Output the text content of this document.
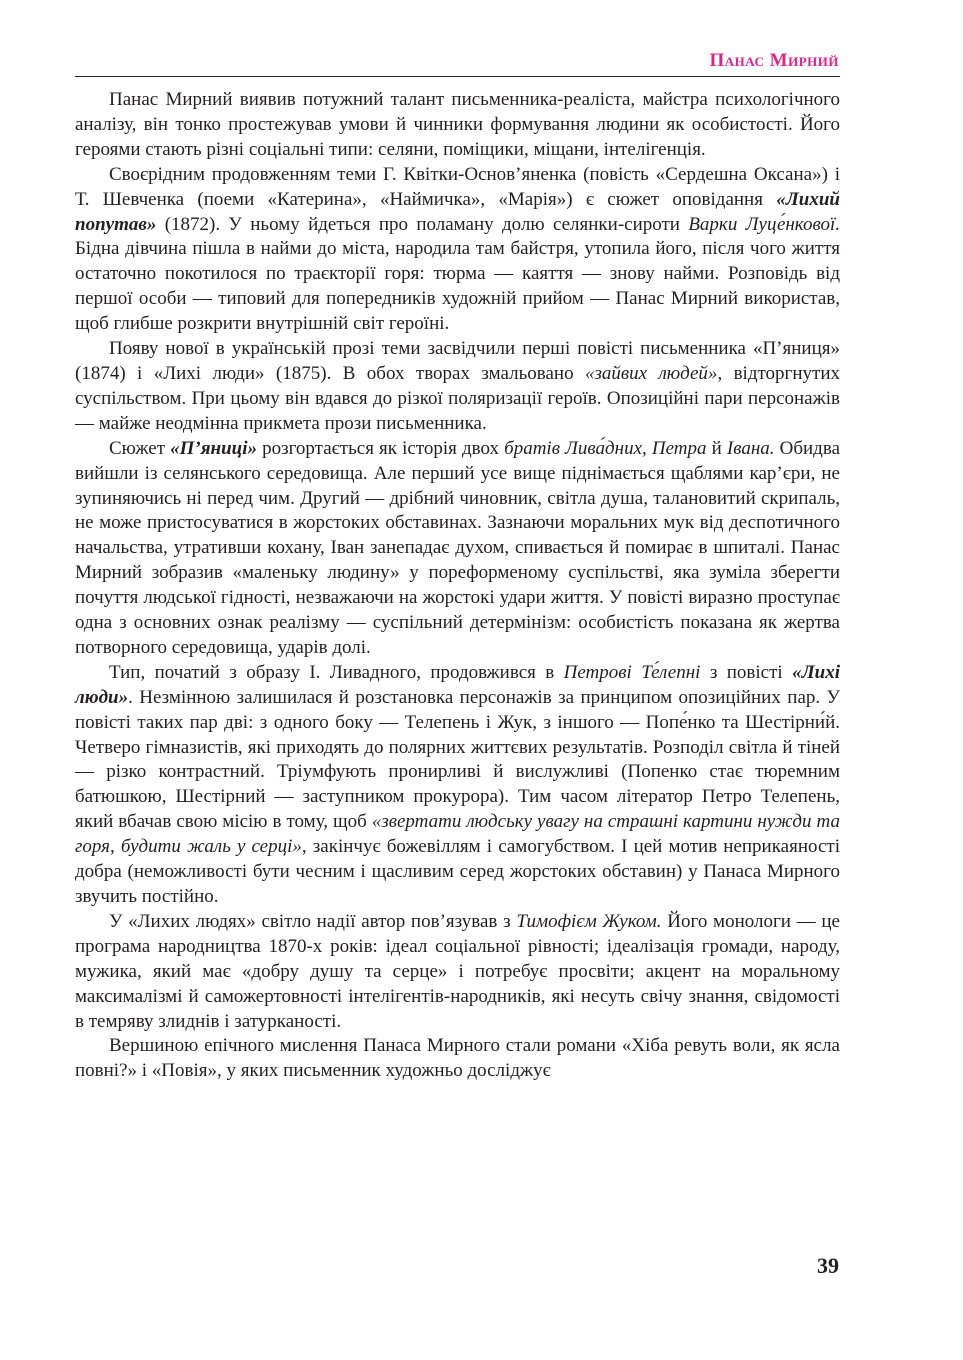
Панас Мирний

Панас Мирний виявив потужний талант письменника-реаліста, майстра психологічного аналізу, він тонко простежував умови й чинники формування людини як особистості. Його героями стають різні соціальні типи: селяни, поміщики, міщани, інтелігенція.

Своєрідним продовженням теми Г. Квітки-Основ’яненка (повість «Сердешна Оксана») і Т. Шевченка (поеми «Катерина», «Наймичка», «Марія») є сюжет оповідання «Лихий попутав» (1872). У ньому йдеться про поламану долю селянки-сироти Варки Луце́нкової. Бідна дівчина пішла в найми до міста, народила там байстря, утопила його, після чого життя остаточно покотилося по траєкторії горя: тюрма — каяття — знову найми. Розповідь від першої особи — типовий для попередників художній прийом — Панас Мирний використав, щоб глибше розкрити внутрішній світ героїні.

Появу нової в українській прозі теми засвідчили перші повісті письменника «П’яниця» (1874) і «Лихі люди» (1875). В обох творах змальовано «зайвих людей», відторгнутих суспільством. При цьому він вдався до різкої поляризації героїв. Опозиційні пари персонажів — майже неодмінна прикмета прози письменника.

Сюжет «П’яниці» розгортається як історія двох братів Лива́дних, Петра й Івана. Обидва вийшли із селянського середовища. Але перший усе вище піднімається щаблями кар’єри, не зупиняючись ні перед чим. Другий — дрібний чиновник, світла душа, талановитий скрипаль, не може пристосуватися в жорстоких обставинах. Зазнаючи моральних мук від деспотичного начальства, утративши кохану, Іван занепадає духом, спивається й помирає в шпиталі. Панас Мирний зобразив «маленьку людину» у пореформеному суспільстві, яка зуміла зберегти почуття людської гідності, незважаючи на жорстокі удари життя. У повісті виразно проступає одна з основних ознак реалізму — суспільний детермінізм: особистість показана як жертва потворного середовища, ударів долі.

Тип, початий з образу І. Ливадного, продовжився в Петрові Те́лепні з повісті «Лихі люди». Незмінною залишилася й розстановка персонажів за принципом опозиційних пар. У повісті таких пар дві: з одного боку — Телепень і Жук, з іншого — Попе́нко та Шестірни́й. Четверо гімназистів, які приходять до полярних життєвих результатів. Розподіл світла й тіней — різко контрастний. Тріумфують пронирливі й вислужливі (Попенко стає тюремним батюшкою, Шестірний — заступником прокурора). Тим часом літератор Петро Телепень, який вбачав свою місію в тому, щоб «звертати людську увагу на страшні картини нужди та горя, будити жаль у серці», закінчує божевіллям і самогубством. І цей мотив неприкаяності добра (неможливості бути чесним і щасливим серед жорстоких обставин) у Панаса Мирного звучить постійно.

У «Лихих людях» світло надії автор пов’язував з Тимофієм Жуком. Його монологи — це програма народництва 1870-х років: ідеал соціальної рівності; ідеалізація громади, народу, мужика, який має «добру душу та серце» і потребує просвіти; акцент на моральному максималізмі й саможертовності інтелігентів-народників, які несуть свічу знання, свідомості в темряву злиднів і затурканості.

Вершиною епічного мислення Панаса Мирного стали романи «Хіба ревуть воли, як ясла повні?» і «Повія», у яких письменник художньо досліджує

39
